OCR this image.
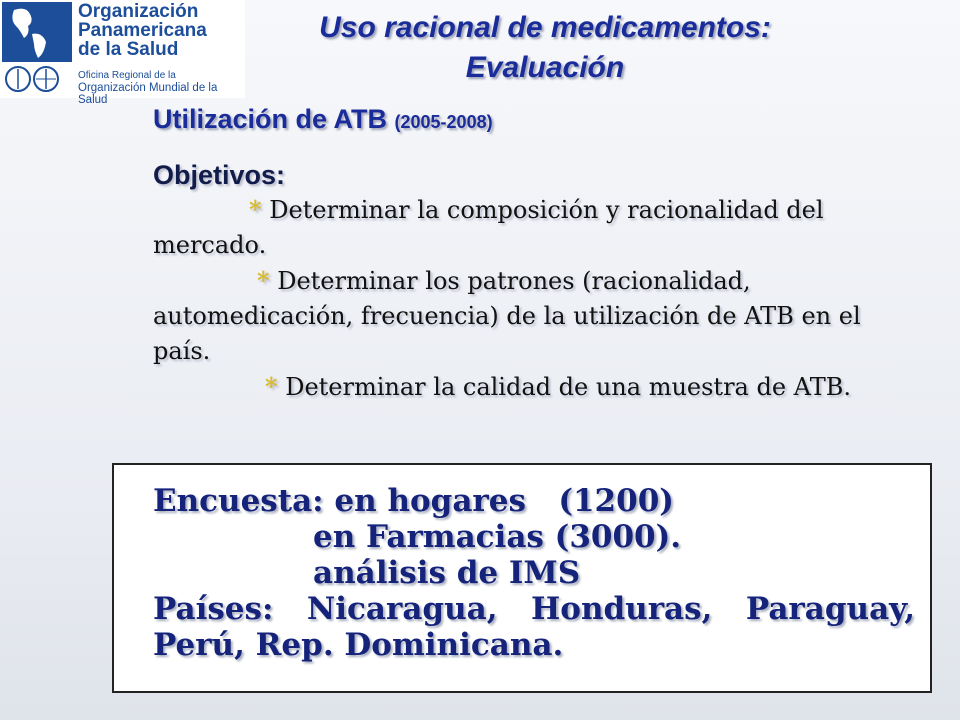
Organización
Panamericana
de la Salud
Oficina Regional de la
Organización Mundial de la Salud
Uso racional de medicamentos:
Evaluación
Utilización de ATB (2005-2008)
Objetivos:
* Determinar la composición y racionalidad del mercado.
* Determinar los patrones (racionalidad, automedicación, frecuencia) de la utilización de ATB en el país.
* Determinar la calidad de una muestra de ATB.
Encuesta: en hogares   (1200)
en Farmacias (3000).
análisis de IMS
Países: Nicaragua, Honduras, Paraguay,
Perú, Rep. Dominicana.
